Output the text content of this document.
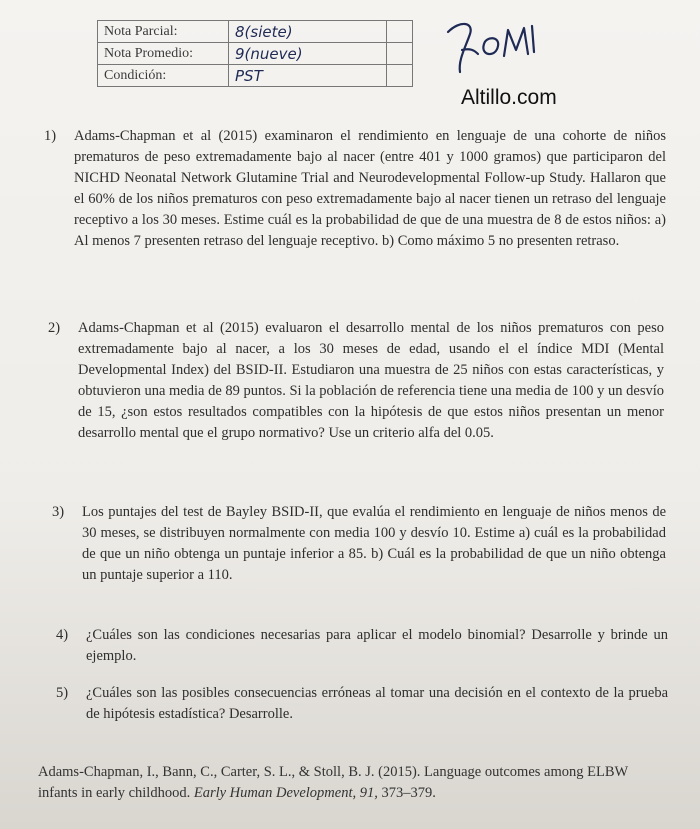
Nota Parcial:	8(siete)	
Nota Promedio:	9(nueve)	
Condición:	PST	
Altillo.com
1) Adams-Chapman et al (2015) examinaron el rendimiento en lenguaje de una cohorte de niños prematuros de peso extremadamente bajo al nacer (entre 401 y 1000 gramos) que participaron del NICHD Neonatal Network Glutamine Trial and Neurodevelopmental Follow-up Study. Hallaron que el 60% de los niños prematuros con peso extremadamente bajo al nacer tienen un retraso del lenguaje receptivo a los 30 meses. Estime cuál es la probabilidad de que de una muestra de 8 de estos niños: a) Al menos 7 presenten retraso del lenguaje receptivo. b) Como máximo 5 no presenten retraso.
2) Adams-Chapman et al (2015) evaluaron el desarrollo mental de los niños prematuros con peso extremadamente bajo al nacer, a los 30 meses de edad, usando el el índice MDI (Mental Developmental Index) del BSID-II. Estudiaron una muestra de 25 niños con estas características, y obtuvieron una media de 89 puntos. Si la población de referencia tiene una media de 100 y un desvío de 15, ¿son estos resultados compatibles con la hipótesis de que estos niños presentan un menor desarrollo mental que el grupo normativo? Use un criterio alfa del 0.05.
3) Los puntajes del test de Bayley BSID-II, que evalúa el rendimiento en lenguaje de niños menos de 30 meses, se distribuyen normalmente con media 100 y desvío 10. Estime a) cuál es la probabilidad de que un niño obtenga un puntaje inferior a 85. b) Cuál es la probabilidad de que un niño obtenga un puntaje superior a 110.
4) ¿Cuáles son las condiciones necesarias para aplicar el modelo binomial? Desarrolle y brinde un ejemplo.
5) ¿Cuáles son las posibles consecuencias erróneas al tomar una decisión en el contexto de la prueba de hipótesis estadística? Desarrolle.
Adams-Chapman, I., Bann, C., Carter, S. L., & Stoll, B. J. (2015). Language outcomes among ELBW infants in early childhood. Early Human Development, 91, 373–379.
